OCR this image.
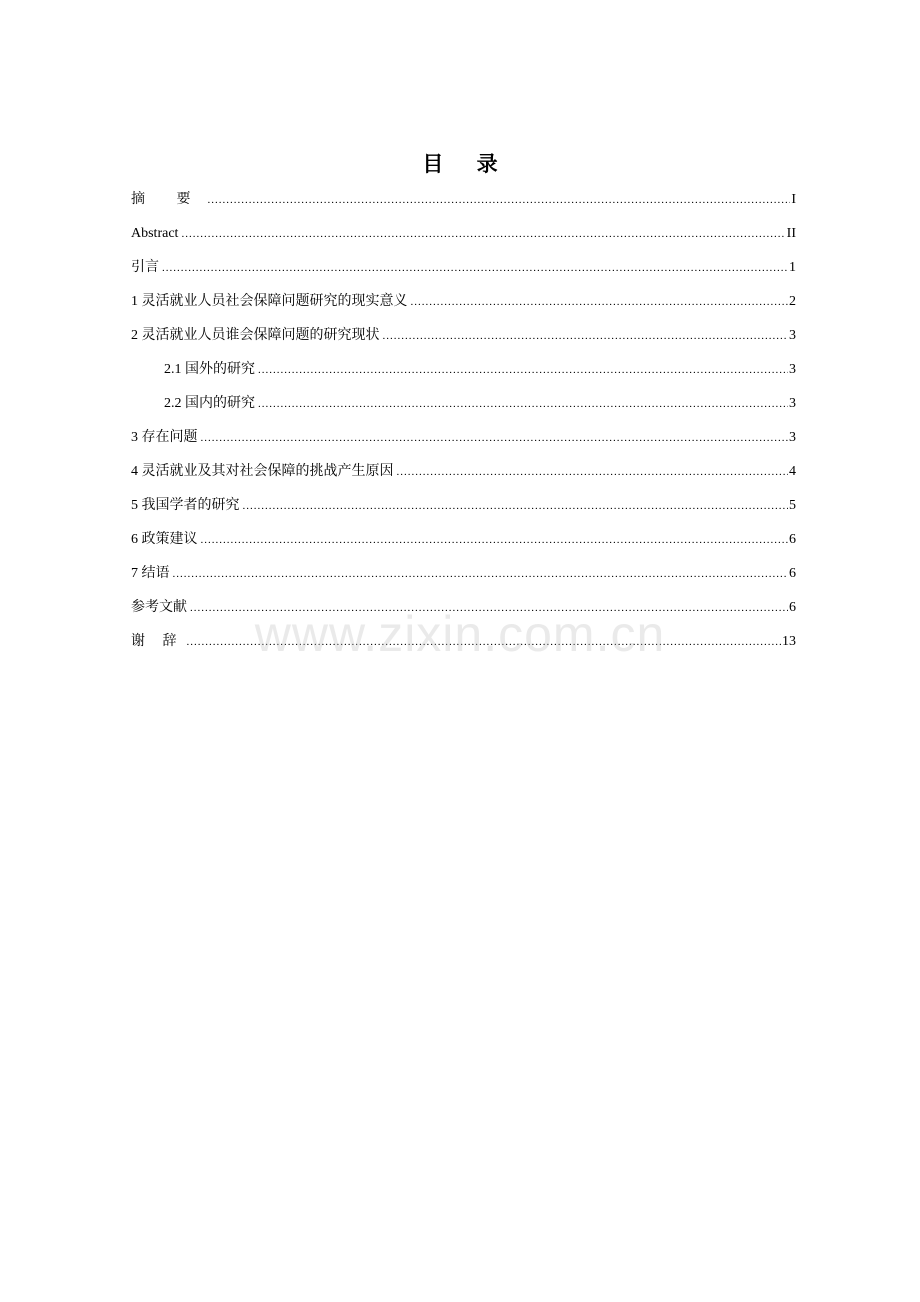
目 录
摘 要 .....	I
Abstract .....	II
引言 .....	1
1 灵活就业人员社会保障问题研究的现实意义 .....	2
2 灵活就业人员谁会保障问题的研究现状 .....	3
2.1 国外的研究 .....	3
2.2 国内的研究 .....	3
3 存在问题 .....	3
4 灵活就业及其对社会保障的挑战产生原因 .....	4
5 我国学者的研究 .....	5
6 政策建议 .....	6
7 结语 .....	6
参考文献 .....	6
谢 辞 .....	13
www.zixin.com.cn
